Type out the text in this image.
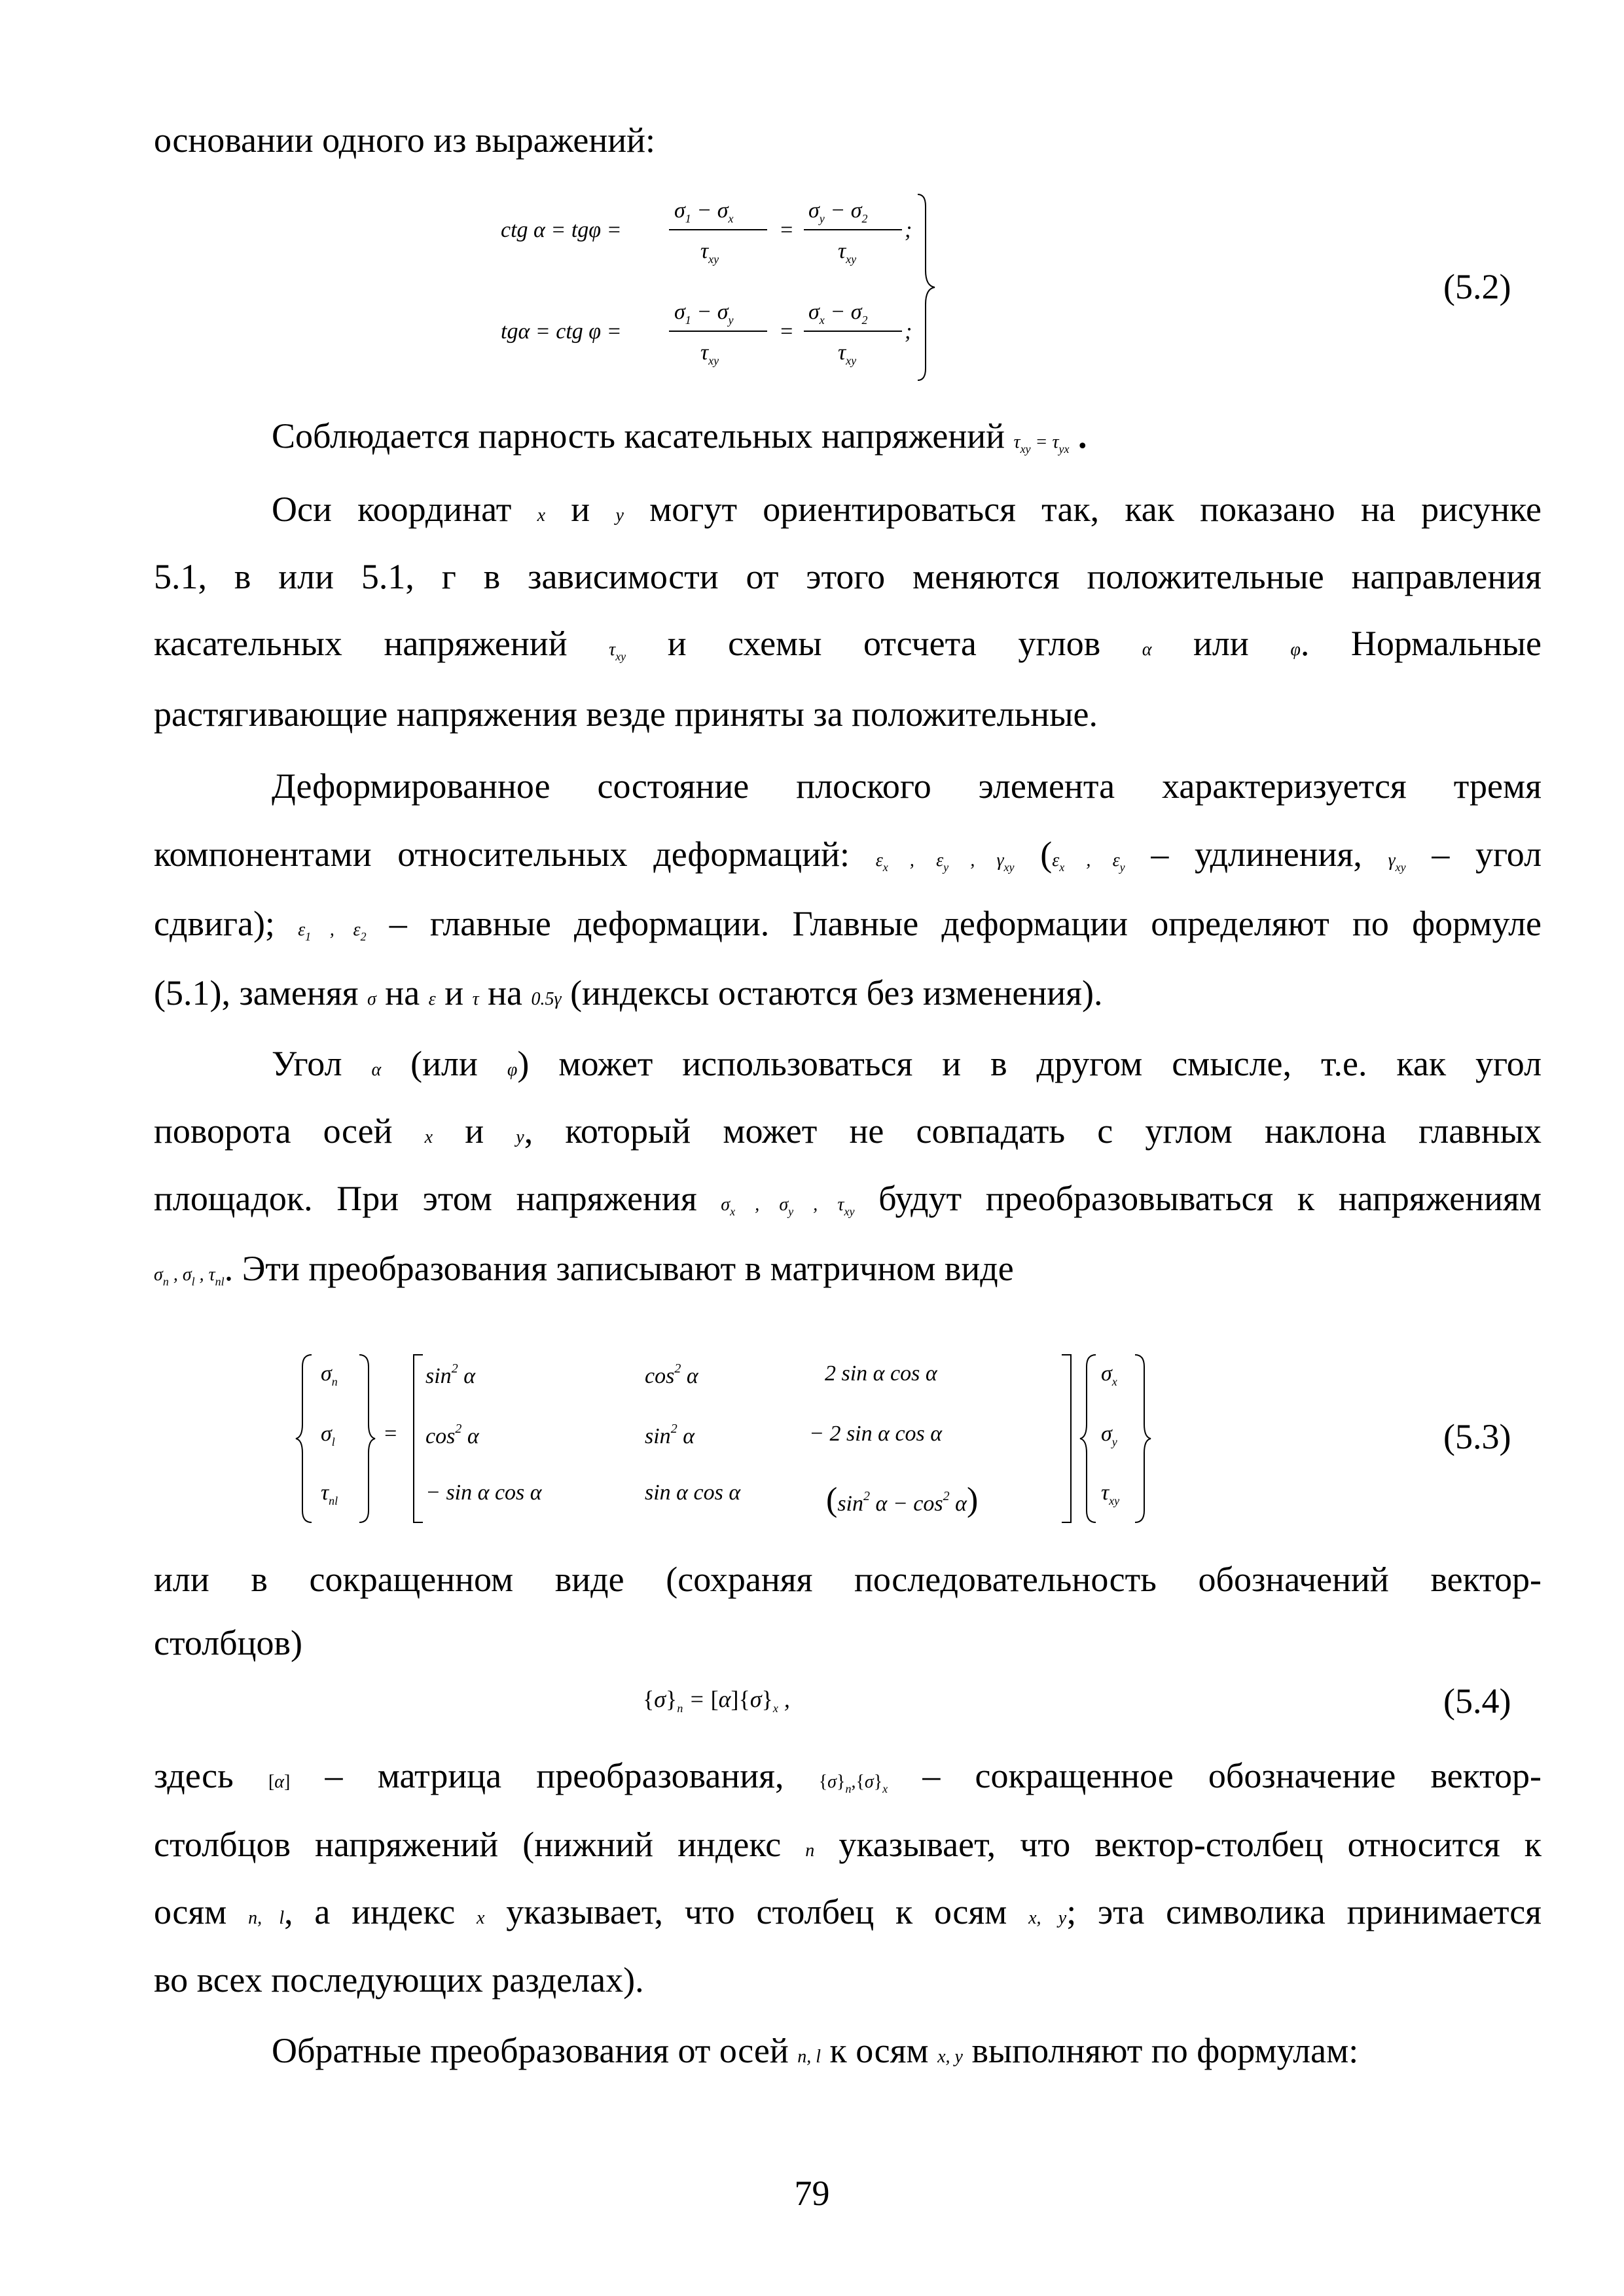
основании одного из выражений:
ctg α = tgφ =
$\sigma_1 - \sigma_x$
$\tau_{xy}$
=
$\sigma_y - \sigma_2$
$\tau_{xy}$
;
tgα = ctg φ =
$\sigma_1 - \sigma_y$
$\tau_{xy}$
=
$\sigma_x - \sigma_2$
$\tau_{xy}$
;
(5.2)
Соблюдается парность касательных напряжений $\tau_{xy} = \tau_{yx}$ .
Оси координат x и y могут ориентироваться так, как показано на рисунке
5.1, в или 5.1, г в зависимости от этого меняются положительные направления
касательных напряжений $\tau_{xy}$ и схемы отсчета углов α или φ. Нормальные
растягивающие напряжения везде приняты за положительные.
Деформированное состояние плоского элемента характеризуется тремя
компонентами относительных деформаций: $\varepsilon_x$ , $\varepsilon_y$ , $\gamma_{xy}$ ($\varepsilon_x$ , $\varepsilon_y$ – удлинения, $\gamma_{xy}$ – угол
сдвига); $\varepsilon_1$ , $\varepsilon_2$ – главные деформации. Главные деформации определяют по формуле
(5.1), заменяя σ на ε и τ на 0.5γ (индексы остаются без изменения).
Угол α (или φ) может использоваться и в другом смысле, т.е. как угол
поворота осей x и y, который может не совпадать с углом наклона главных
площадок. При этом напряжения $\sigma_x$ , $\sigma_y$ , $\tau_{xy}$ будут преобразовываться к напряжениям
$\sigma_n$ , $\sigma_l$ , $\tau_{nl}$. Эти преобразования записывают в матричном виде
$\sigma_n$
$\sigma_l$
$\tau_{nl}$
=
$\sin^2 \alpha$	$\cos^2 \alpha$	2 sin α cos α
$\cos^2 \alpha$	$\sin^2 \alpha$	− 2 sin α cos α
− sin α cos α	sin α cos α	($\sin^2$ $\alpha - \cos^2 \alpha$)
$\sigma_x$
$\sigma_y$
$\tau_{xy}$
(5.3)
или в сокращенном виде (сохраняя последовательность обозначений вектор-
столбцов)
$\{\sigma\}_n = [\alpha]\{\sigma\}_x$ ,	(5.4)
здесь [α] – матрица преобразования, $\{\sigma\}_n,\{\sigma\}_x$ – сокращенное обозначение вектор-
столбцов напряжений (нижний индекс n указывает, что вектор-столбец относится к
осям n, l, а индекс x указывает, что столбец к осям x, y; эта символика принимается
во всех последующих разделах).
Обратные преобразования от осей n, l к осям x, y выполняют по формулам:
79
